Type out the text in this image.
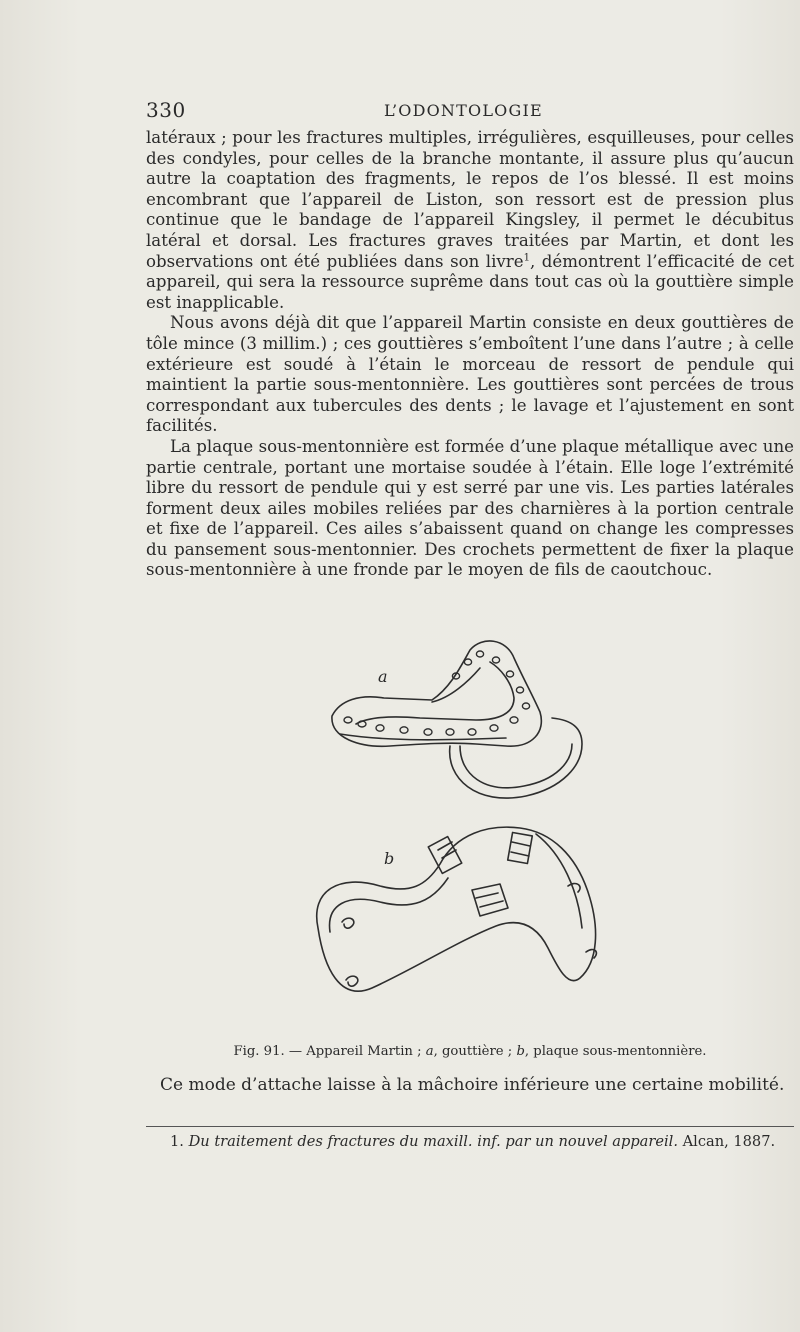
330	L’ODONTOLOGIE

latéraux ; pour les fractures multiples, irrégulières, esquilleuses, pour celles des condyles, pour celles de la branche montante, il assure plus qu’aucun autre la coaptation des fragments, le repos de l’os blessé. Il est moins encombrant que l’appareil de Liston, son ressort est de pression plus continue que le bandage de l’appareil Kingsley, il permet le décubitus latéral et dorsal. Les fractures graves traitées par Martin, et dont les observations ont été publiées dans son livre$^1$, démontrent l’efficacité de cet appareil, qui sera la ressource suprême dans tout cas où la gouttière simple est inapplicable.

Nous avons déjà dit que l’appareil Martin consiste en deux gouttières de tôle mince (3 millim.) ; ces gouttières s’emboîtent l’une dans l’autre ; à celle extérieure est soudé à l’étain le morceau de ressort de pendule qui maintient la partie sous-mentonnière. Les gouttières sont percées de trous correspondant aux tubercules des dents ; le lavage et l’ajustement en sont facilités.

La plaque sous-mentonnière est formée d’une plaque métallique avec une partie centrale, portant une mortaise soudée à l’étain. Elle loge l’extrémité libre du ressort de pendule qui y est serré par une vis. Les parties latérales forment deux ailes mobiles reliées par des charnières à la portion centrale et fixe de l’appareil. Ces ailes s’abaissent quand on change les compresses du pansement sous-mentonnier. Des crochets permettent de fixer la plaque sous-mentonnière à une fronde par le moyen de fils de caoutchouc.

a
b
Fig. 91. — Appareil Martin ; a, gouttière ; b, plaque sous-mentonnière.

Ce mode d’attache laisse à la mâchoire inférieure une certaine mobilité.

1. Du traitement des fractures du maxill. inf. par un nouvel appareil. Alcan, 1887.
